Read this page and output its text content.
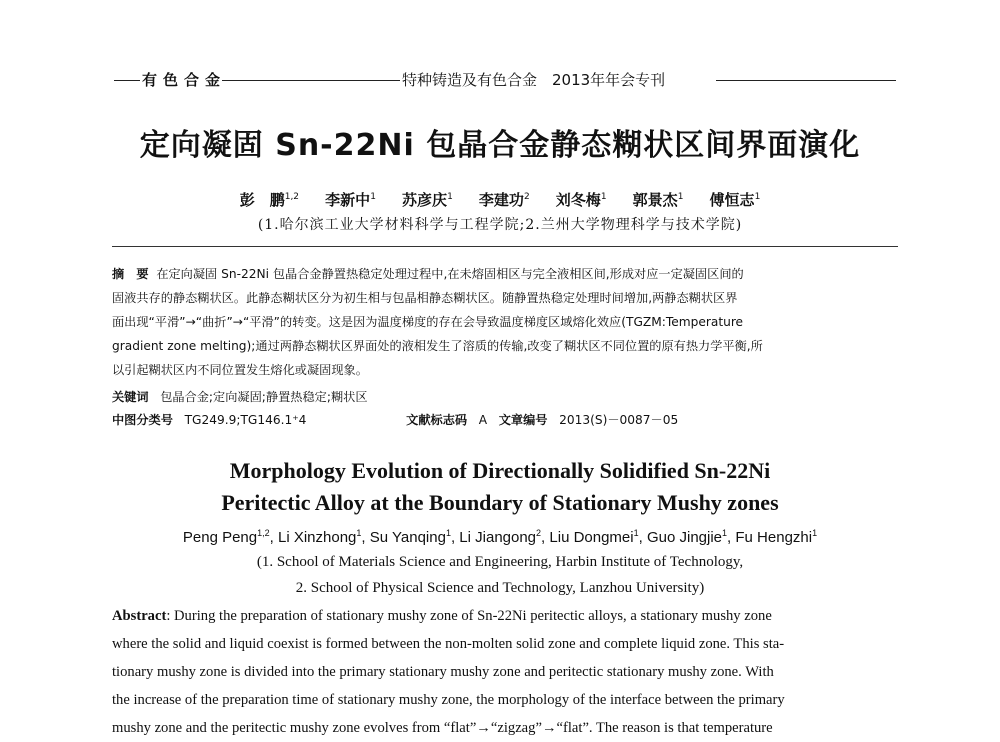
有色合金	特种铸造及有色合金　2013年年会专刊
定向凝固 Sn-22Ni 包晶合金静态糊状区间界面演化
彭　鹏$^{1,2}$ 李新中$^1$ 苏彦庆$^1$ 李建功$^2$ 刘冬梅$^1$ 郭景杰$^1$ 傅恒志$^1$
(1.哈尔滨工业大学材料科学与工程学院;2.兰州大学物理科学与技术学院)
摘　要 在定向凝固 Sn-22Ni 包晶合金静置热稳定处理过程中,在未熔固相区与完全液相区间,形成对应一定凝固区间的
固液共存的静态糊状区。此静态糊状区分为初生相与包晶相静态糊状区。随静置热稳定处理时间增加,两静态糊状区界
面出现“平滑”→“曲折”→“平滑”的转变。这是因为温度梯度的存在会导致温度梯度区域熔化效应(TGZM:Temperature
gradient zone melting);通过两静态糊状区界面处的液相发生了溶质的传输,改变了糊状区不同位置的原有热力学平衡,所
以引起糊状区内不同位置发生熔化或凝固现象。
关键词 包晶合金;定向凝固;静置热稳定;糊状区
中图分类号 TG249.9;TG146.1⁺4	文献标志码 A 文章编号 2013(S)－0087－05
Morphology Evolution of Directionally Solidified Sn-22Ni
Peritectic Alloy at the Boundary of Stationary Mushy zones
Peng Peng$^{1,2}$, Li Xinzhong$^1$, Su Yanqing$^1$, Li Jiangong$^2$, Liu Dongmei$^1$, Guo Jingjie$^1$, Fu Hengzhi$^1$
(1. School of Materials Science and Engineering, Harbin Institute of Technology,
2. School of Physical Science and Technology, Lanzhou University)
Abstract: During the preparation of stationary mushy zone of Sn-22Ni peritectic alloys, a stationary mushy zone
where the solid and liquid coexist is formed between the non-molten solid zone and complete liquid zone. This sta-
tionary mushy zone is divided into the primary stationary mushy zone and peritectic stationary mushy zone. With
the increase of the preparation time of stationary mushy zone, the morphology of the interface between the primary
mushy zone and the peritectic mushy zone evolves from “flat”→“zigzag”→“flat”. The reason is that temperature
